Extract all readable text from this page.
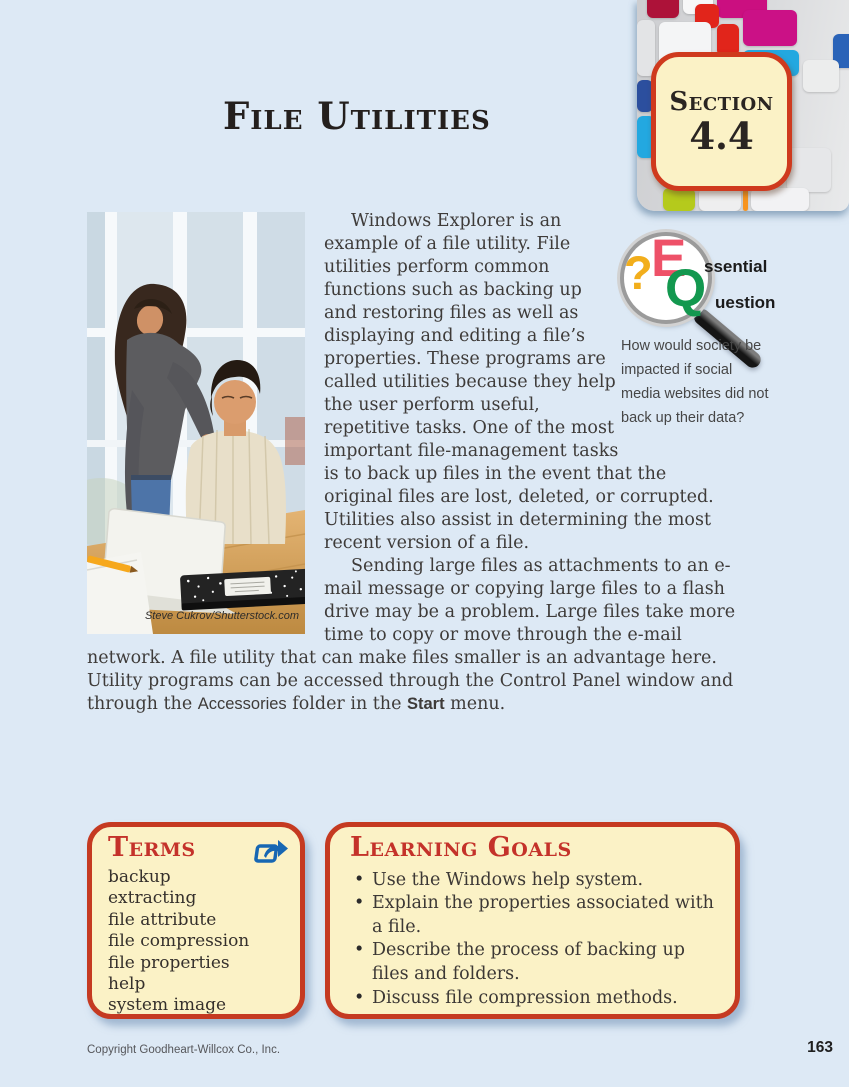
File Utilities	Section
4.4
Steve Cukrov/Shutterstock.com
?
E
Q
ssential
uestion
How would society be impacted if social media websites did not back up their data?

Windows Explorer is an example of a file utility. File utilities perform common functions such as backing up and restoring files as well as displaying and editing a file’s properties. These programs are called utilities because they help the user perform useful, repetitive tasks. One of the most important file-management tasks is to back up files in the event that the original files are lost, deleted, or corrupted. Utilities also assist in determining the most recent version of a file.

Sending large files as attachments to an e-mail message or copying large files to a flash drive may be a problem. Large files take more time to copy or move through the e-mail network. A file utility that can make files smaller is an advantage here. Utility programs can be accessed through the Control Panel window and through the Accessories folder in the Start menu.

Terms
backup
extracting
file attribute
file compression
file properties
help
system image
Learning Goals
• Use the Windows help system.
• Explain the properties associated with a file.
• Describe the process of backing up files and folders.
• Discuss file compression methods.
Copyright Goodheart-Willcox Co., Inc.	163
